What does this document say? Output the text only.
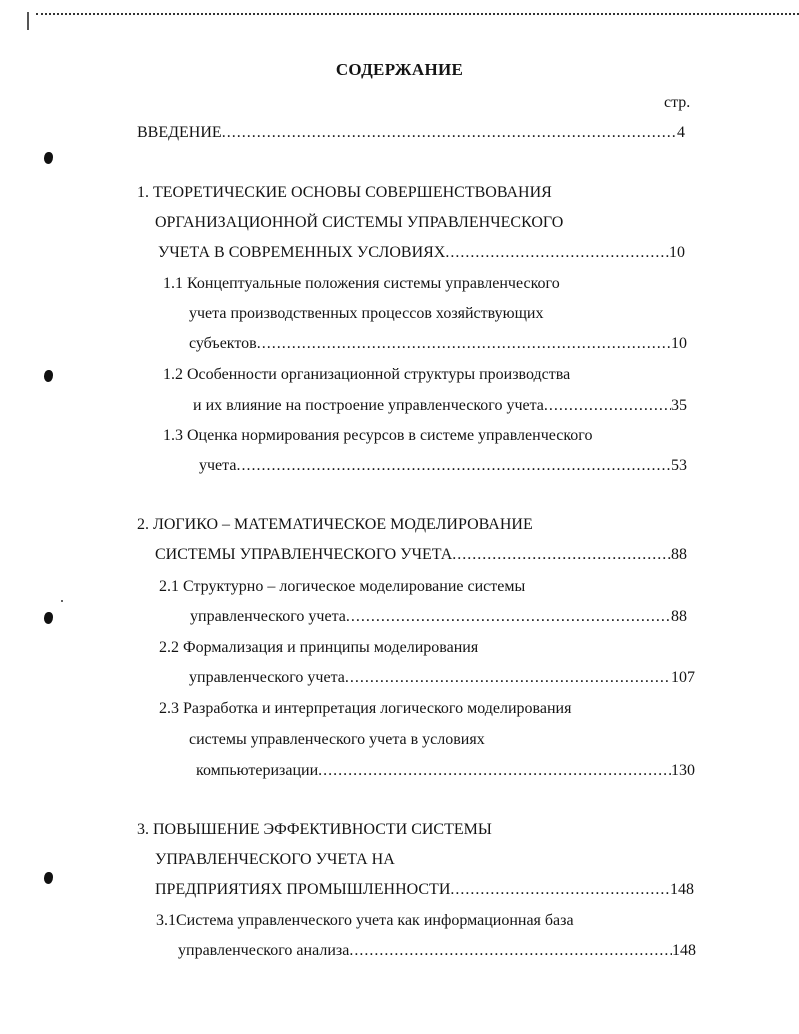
СОДЕРЖАНИЕ
стр.
ВВЕДЕНИЕ .....	4
1. ТЕОРЕТИЧЕСКИЕ ОСНОВЫ СОВЕРШЕНСТВОВАНИЯ
ОРГАНИЗАЦИОННОЙ СИСТЕМЫ УПРАВЛЕНЧЕСКОГО
УЧЕТА В СОВРЕМЕННЫХ УСЛОВИЯХ .....	10
1.1 Концептуальные положения системы управленческого
учета производственных процессов хозяйствующих
субъектов .....	10
1.2 Особенности организационной структуры производства
и их влияние на построение управленческого учета .....	35
1.3 Оценка нормирования ресурсов в системе управленческого
учета .....	53
2. ЛОГИКО – МАТЕМАТИЧЕСКОЕ МОДЕЛИРОВАНИЕ
СИСТЕМЫ УПРАВЛЕНЧЕСКОГО УЧЕТА .....	88
2.1 Структурно – логическое моделирование системы
управленческого учета .....	88
2.2 Формализация и принципы моделирования
управленческого учета .....	107
2.3 Разработка и интерпретация логического моделирования
системы управленческого учета в условиях
компьютеризации .....	130
3. ПОВЫШЕНИЕ ЭФФЕКТИВНОСТИ СИСТЕМЫ
УПРАВЛЕНЧЕСКОГО УЧЕТА НА
ПРЕДПРИЯТИЯХ ПРОМЫШЛЕННОСТИ .....	148
3.1Система управленческого учета как информационная база
управленческого анализа .....	148
